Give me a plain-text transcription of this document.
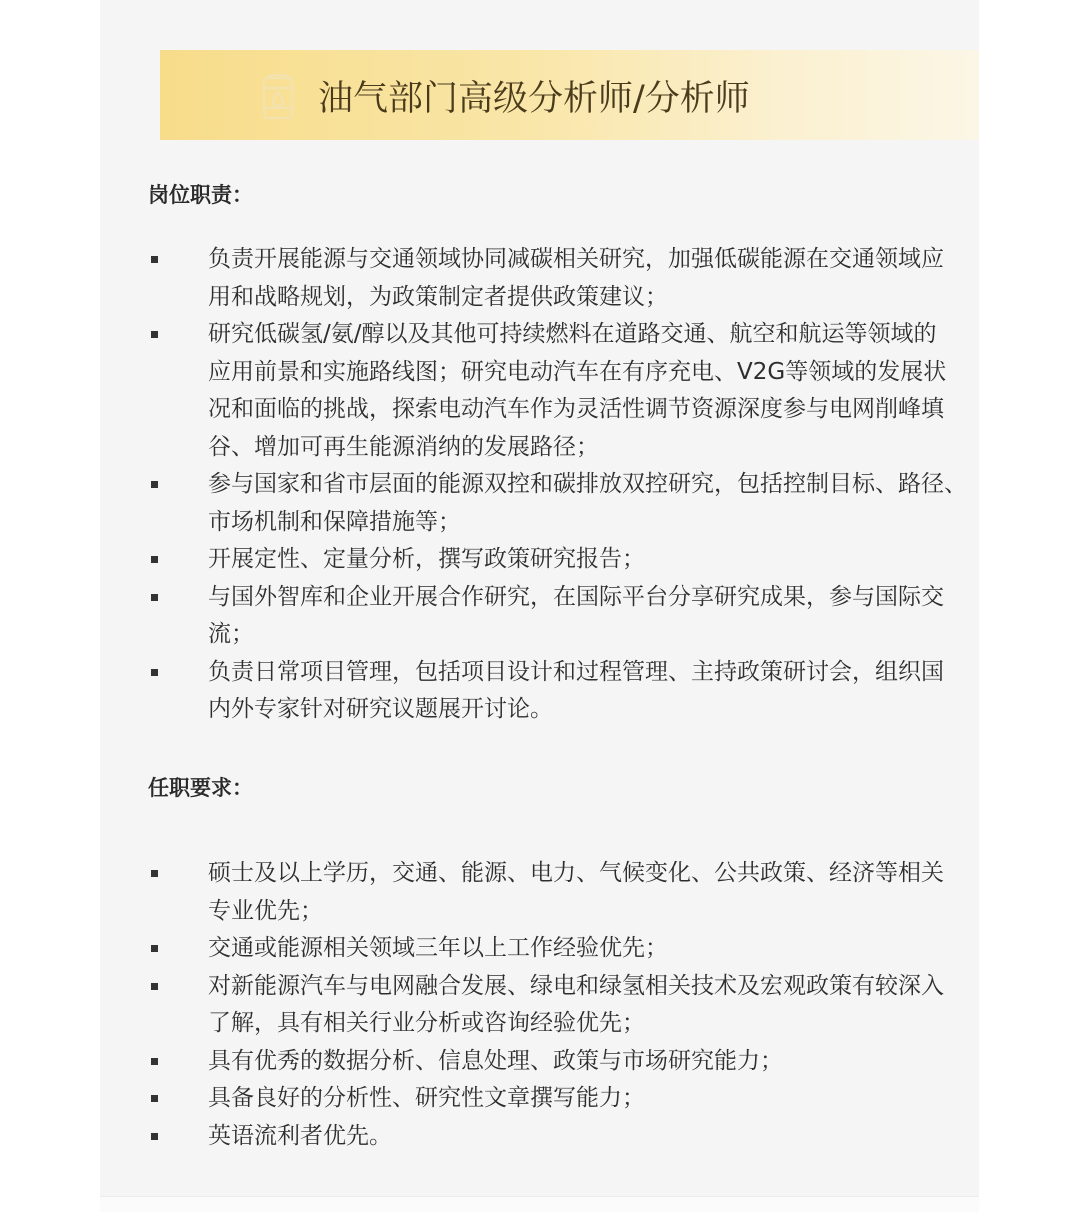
油气部门高级分析师/分析师
岗位职责：
负责开展能源与交通领域协同减碳相关研究，加强低碳能源在交通领域应用和战略规划，为政策制定者提供政策建议；
研究低碳氢/氨/醇以及其他可持续燃料在道路交通、航空和航运等领域的应用前景和实施路线图；研究电动汽车在有序充电、V2G等领域的发展状况和面临的挑战，探索电动汽车作为灵活性调节资源深度参与电网削峰填谷、增加可再生能源消纳的发展路径；
参与国家和省市层面的能源双控和碳排放双控研究，包括控制目标、路径、市场机制和保障措施等；
开展定性、定量分析，撰写政策研究报告；
与国外智库和企业开展合作研究，在国际平台分享研究成果，参与国际交流；
负责日常项目管理，包括项目设计和过程管理、主持政策研讨会，组织国内外专家针对研究议题展开讨论。
任职要求：
硕士及以上学历，交通、能源、电力、气候变化、公共政策、经济等相关专业优先；
交通或能源相关领域三年以上工作经验优先；
对新能源汽车与电网融合发展、绿电和绿氢相关技术及宏观政策有较深入了解，具有相关行业分析或咨询经验优先；
具有优秀的数据分析、信息处理、政策与市场研究能力；
具备良好的分析性、研究性文章撰写能力；
英语流利者优先。
